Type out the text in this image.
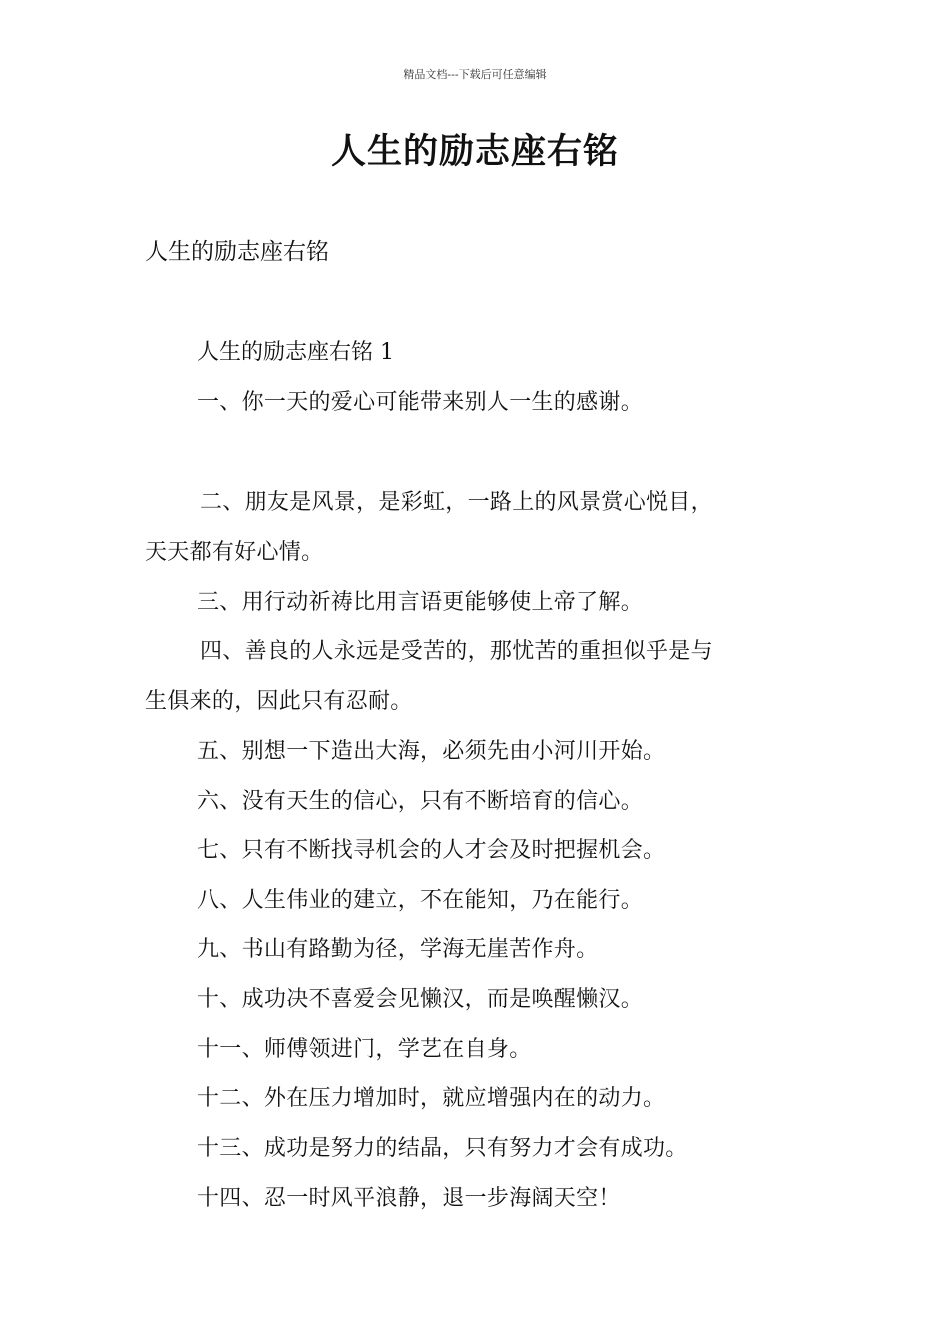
精品文档---下载后可任意编辑
人生的励志座右铭

人生的励志座右铭

人生的励志座右铭 1

一、你一天的爱心可能带来别人一生的感谢。

二、朋友是风景，是彩虹，一路上的风景赏心悦目，

天天都有好心情。

三、用行动祈祷比用言语更能够使上帝了解。

四、善良的人永远是受苦的，那忧苦的重担似乎是与

生俱来的，因此只有忍耐。

五、别想一下造出大海，必须先由小河川开始。

六、没有天生的信心，只有不断培育的信心。

七、只有不断找寻机会的人才会及时把握机会。

八、人生伟业的建立，不在能知，乃在能行。

九、书山有路勤为径，学海无崖苦作舟。

十、成功决不喜爱会见懒汉，而是唤醒懒汉。

十一、师傅领进门，学艺在自身。

十二、外在压力增加时，就应增强内在的动力。

十三、成功是努力的结晶，只有努力才会有成功。

十四、忍一时风平浪静，退一步海阔天空！
